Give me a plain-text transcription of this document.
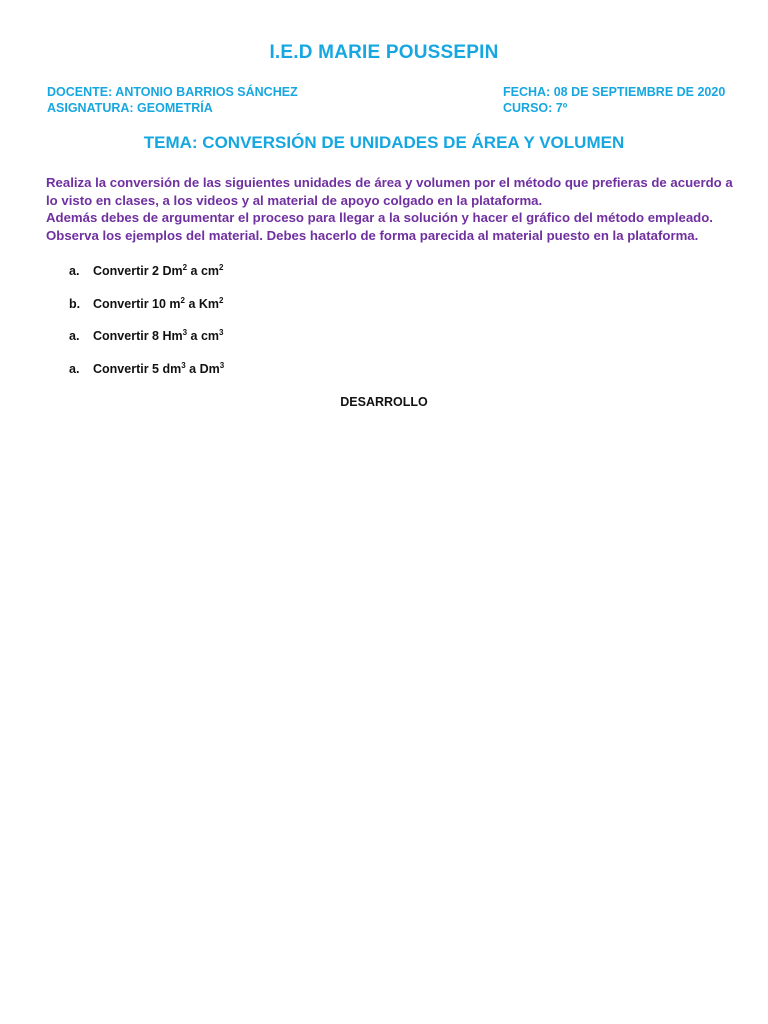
I.E.D MARIE POUSSEPIN
DOCENTE: ANTONIO BARRIOS SÁNCHEZ
ASIGNATURA: GEOMETRÍA
FECHA: 08 DE SEPTIEMBRE DE 2020
CURSO: 7º
TEMA: CONVERSIÓN DE UNIDADES DE ÁREA Y VOLUMEN

Realiza la conversión de las siguientes unidades de área y volumen por el método que prefieras de acuerdo a lo visto en clases, a los videos y al material de apoyo colgado en la plataforma.

Además debes de argumentar el proceso para llegar a la solución y hacer el gráfico del método empleado.

Observa los ejemplos del material. Debes hacerlo de forma parecida al material puesto en la plataforma.

a.	Convertir 2 Dm$^2$ a $cm^2$
b.	Convertir 10 $m^2$ a Km$^2$
a.	Convertir 8 Hm$^3$ a $cm^3$
a.	Convertir 5 $dm^3$ a Dm$^3$
DESARROLLO
